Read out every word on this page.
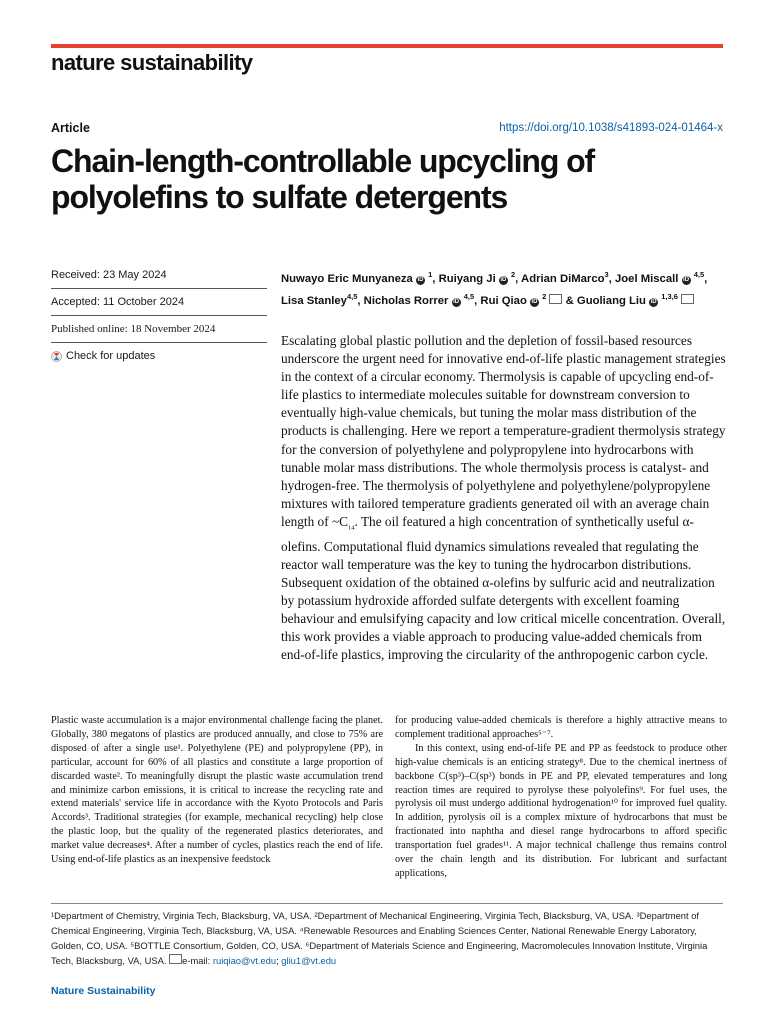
nature sustainability
Article	https://doi.org/10.1038/s41893-024-01464-x
Chain-length-controllable upcycling of polyolefins to sulfate detergents
Received: 23 May 2024
Accepted: 11 October 2024
Published online: 18 November 2024
Check for updates
Nuwayo Eric Munyaneza iD $^1$, Ruiyang Ji iD $^2$, Adrian DiMarco$^3$, Joel Miscall iD $^{4,5}$, Lisa Stanley$^{4,5}$, Nicholas Rorrer iD $^{4,5}$, Rui Qiao iD $^2$  & Guoliang Liu iD $^{1,3,6}$
Escalating global plastic pollution and the depletion of fossil-based resources underscore the urgent need for innovative end-of-life plastic management strategies in the context of a circular economy. Thermolysis is capable of upcycling end-of-life plastics to intermediate molecules suitable for downstream conversion to eventually high-value chemicals, but tuning the molar mass distribution of the products is challenging. Here we report a temperature-gradient thermolysis strategy for the conversion of polyethylene and polypropylene into hydrocarbons with tunable molar mass distributions. The whole thermolysis process is catalyst- and hydrogen-free. The thermolysis of polyethylene and polyethylene/polypropylene mixtures with tailored temperature gradients generated oil with an average chain length of $\sim C_{14}$. The oil featured a high concentration of synthetically useful α-olefins. Computational fluid dynamics simulations revealed that regulating the reactor wall temperature was the key to tuning the hydrocarbon distributions. Subsequent oxidation of the obtained α-olefins by sulfuric acid and neutralization by potassium hydroxide afforded sulfate detergents with excellent foaming behaviour and emulsifying capacity and low critical micelle concentration. Overall, this work provides a viable approach to producing value-added chemicals from end-of-life plastics, improving the circularity of the anthropogenic carbon cycle.

Plastic waste accumulation is a major environmental challenge facing the planet. Globally, 380 megatons of plastics are produced annually, and close to 75% are disposed of after a single use¹. Polyethylene (PE) and polypropylene (PP), in particular, account for 60% of all plastics and constitute a large proportion of discarded waste². To meaningfully disrupt the plastic waste accumulation trend and minimize carbon emissions, it is critical to increase the recycling rate and extend materials' service life in accordance with the Kyoto Protocols and Paris Accords³. Traditional strategies (for example, mechanical recycling) help close the plastic loop, but the quality of the regenerated plastics deteriorates, and market value decreases⁴. After a number of cycles, plastics reach the end of life. Using end-of-life plastics as an inexpensive feedstock

for producing value-added chemicals is therefore a highly attractive means to complement traditional approaches⁵⁻⁷.

In this context, using end-of-life PE and PP as feedstock to produce other high-value chemicals is an enticing strategy⁸. Due to the chemical inertness of backbone C(sp³)–C(sp³) bonds in PE and PP, elevated temperatures and long reaction times are required to pyrolyse these polyolefins⁹. For fuel uses, the pyrolysis oil must undergo additional hydrogenation¹⁰ for improved fuel quality. In addition, pyrolysis oil is a complex mixture of hydrocarbons that must be fractionated into naphtha and diesel range hydrocarbons to afford specific transportation fuel grades¹¹. A major technical challenge thus remains control over the chain length and its distribution. For lubricant and surfactant applications,

¹Department of Chemistry, Virginia Tech, Blacksburg, VA, USA. ²Department of Mechanical Engineering, Virginia Tech, Blacksburg, VA, USA. ³Department of Chemical Engineering, Virginia Tech, Blacksburg, VA, USA. ⁴Renewable Resources and Enabling Sciences Center, National Renewable Energy Laboratory, Golden, CO, USA. ⁵BOTTLE Consortium, Golden, CO, USA. ⁶Department of Materials Science and Engineering, Macromolecules Innovation Institute, Virginia Tech, Blacksburg, VA, USA. e-mail: ruiqiao@vt.edu; gliu1@vt.edu
Nature Sustainability
